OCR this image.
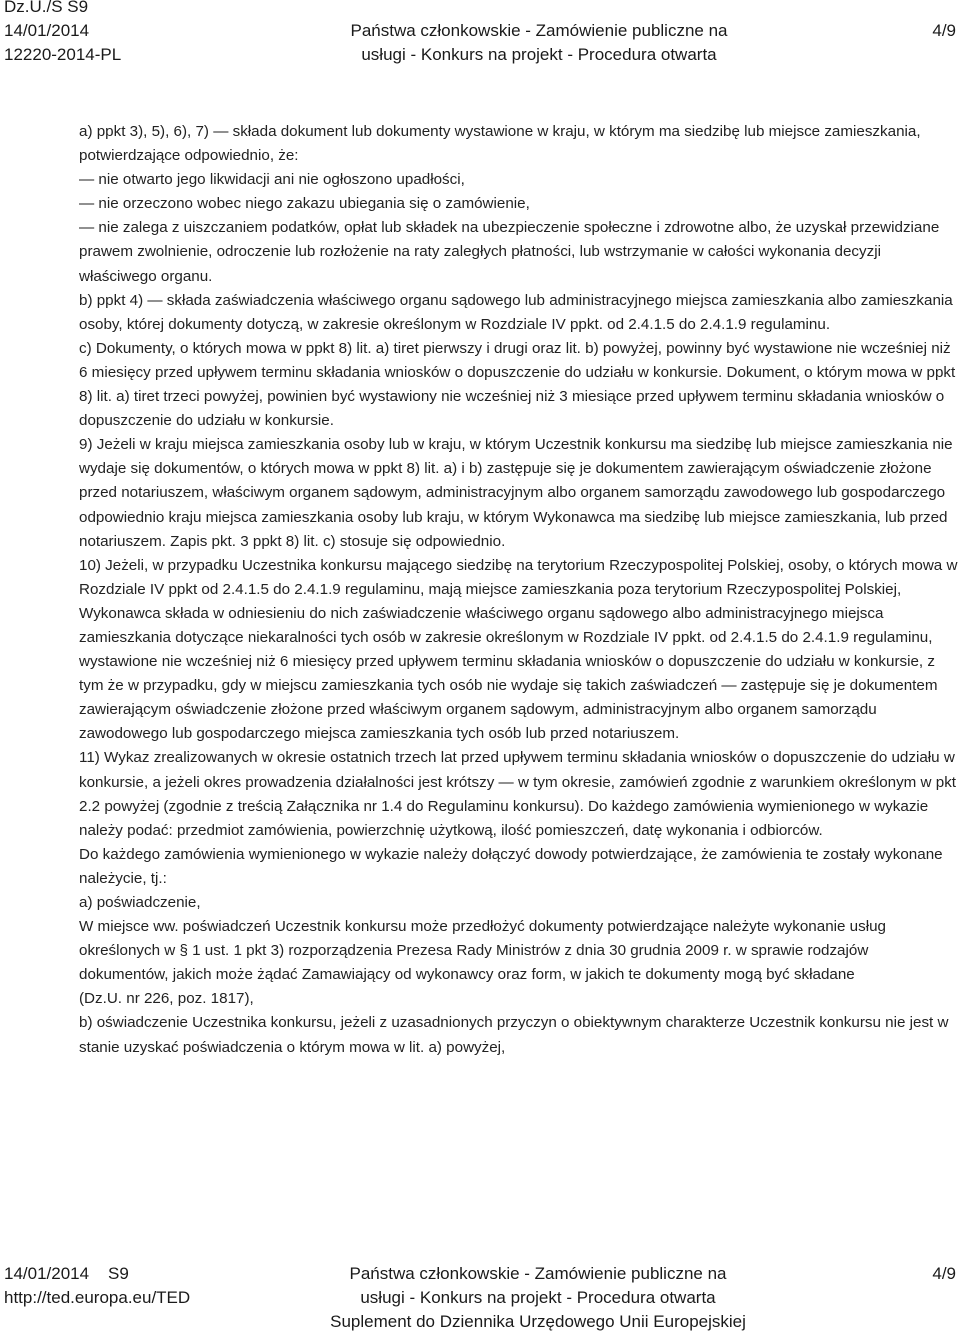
Dz.U./S S9
14/01/2014
12220-2014-PL
Państwa członkowskie - Zamówienie publiczne na
usługi - Konkurs na projekt - Procedura otwarta
4/9

a) ppkt 3), 5), 6), 7) — składa dokument lub dokumenty wystawione w kraju, w którym ma siedzibę lub miejsce zamieszkania, potwierdzające odpowiednio, że:

— nie otwarto jego likwidacji ani nie ogłoszono upadłości,

— nie orzeczono wobec niego zakazu ubiegania się o zamówienie,

— nie zalega z uiszczaniem podatków, opłat lub składek na ubezpieczenie społeczne i zdrowotne albo, że uzyskał przewidziane prawem zwolnienie, odroczenie lub rozłożenie na raty zaległych płatności, lub wstrzymanie w całości wykonania decyzji właściwego organu.

b) ppkt 4) — składa zaświadczenia właściwego organu sądowego lub administracyjnego miejsca zamieszkania albo zamieszkania osoby, której dokumenty dotyczą, w zakresie określonym w Rozdziale IV ppkt. od 2.4.1.5 do 2.4.1.9 regulaminu.

c) Dokumenty, o których mowa w ppkt 8) lit. a) tiret pierwszy i drugi oraz lit. b) powyżej, powinny być wystawione nie wcześniej niż 6 miesięcy przed upływem terminu składania wniosków o dopuszczenie do udziału w konkursie. Dokument, o którym mowa w ppkt 8) lit. a) tiret trzeci powyżej, powinien być wystawiony nie wcześniej niż 3 miesiące przed upływem terminu składania wniosków o dopuszczenie do udziału w konkursie.

9) Jeżeli w kraju miejsca zamieszkania osoby lub w kraju, w którym Uczestnik konkursu ma siedzibę lub miejsce zamieszkania nie wydaje się dokumentów, o których mowa w ppkt 8) lit. a) i b) zastępuje się je dokumentem zawierającym oświadczenie złożone przed notariuszem, właściwym organem sądowym, administracyjnym albo organem samorządu zawodowego lub gospodarczego odpowiednio kraju miejsca zamieszkania osoby lub kraju, w którym Wykonawca ma siedzibę lub miejsce zamieszkania, lub przed notariuszem. Zapis pkt. 3 ppkt 8) lit. c) stosuje się odpowiednio.

10) Jeżeli, w przypadku Uczestnika konkursu mającego siedzibę na terytorium Rzeczypospolitej Polskiej, osoby, o których mowa w Rozdziale IV ppkt od 2.4.1.5 do 2.4.1.9 regulaminu, mają miejsce zamieszkania poza terytorium Rzeczypospolitej Polskiej, Wykonawca składa w odniesieniu do nich zaświadczenie właściwego organu sądowego albo administracyjnego miejsca zamieszkania dotyczące niekaralności tych osób w zakresie określonym w Rozdziale IV ppkt. od 2.4.1.5 do 2.4.1.9 regulaminu, wystawione nie wcześniej niż 6 miesięcy przed upływem terminu składania wniosków o dopuszczenie do udziału w konkursie, z tym że w przypadku, gdy w miejscu zamieszkania tych osób nie wydaje się takich zaświadczeń — zastępuje się je dokumentem zawierającym oświadczenie złożone przed właściwym organem sądowym, administracyjnym albo organem samorządu zawodowego lub gospodarczego miejsca zamieszkania tych osób lub przed notariuszem.

11) Wykaz zrealizowanych w okresie ostatnich trzech lat przed upływem terminu składania wniosków o dopuszczenie do udziału w konkursie, a jeżeli okres prowadzenia działalności jest krótszy — w tym okresie, zamówień zgodnie z warunkiem określonym w pkt 2.2 powyżej (zgodnie z treścią Załącznika nr 1.4 do Regulaminu konkursu). Do każdego zamówienia wymienionego w wykazie należy podać: przedmiot zamówienia, powierzchnię użytkową, ilość pomieszczeń, datę wykonania i odbiorców.

Do każdego zamówienia wymienionego w wykazie należy dołączyć dowody potwierdzające, że zamówienia te zostały wykonane należycie, tj.:

a) poświadczenie,

W miejsce ww. poświadczeń Uczestnik konkursu może przedłożyć dokumenty potwierdzające należyte wykonanie usług określonych w § 1 ust. 1 pkt 3) rozporządzenia Prezesa Rady Ministrów z dnia 30 grudnia 2009 r. w sprawie rodzajów dokumentów, jakich może żądać Zamawiający od wykonawcy oraz form, w jakich te dokumenty mogą być składane

(Dz.U. nr 226, poz. 1817),

b) oświadczenie Uczestnika konkursu, jeżeli z uzasadnionych przyczyn o obiektywnym charakterze Uczestnik konkursu nie jest w stanie uzyskać poświadczenia o którym mowa w lit. a) powyżej,

14/01/2014 S9
http://ted.europa.eu/TED
Państwa członkowskie - Zamówienie publiczne na
usługi - Konkurs na projekt - Procedura otwarta
Suplement do Dziennika Urzędowego Unii Europejskiej
4/9
